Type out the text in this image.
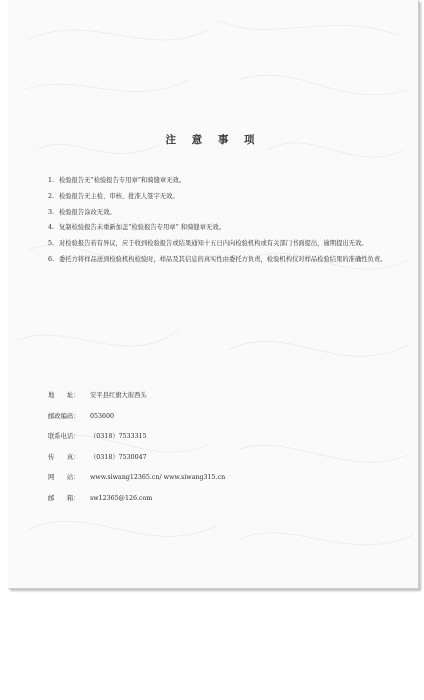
注 意 事 项
1. 检验报告无“检验报告专用章”和骑缝章无效。
2. 检验报告无主检、审核、批准人签字无效。
3. 检验报告涂改无效。
4. 复制检验报告未重新加盖“检验报告专用章” 和骑缝章无效。
5. 对检验报告若有异议，应于收到检验报告或结果通知十五日内向检验机构或有关部门书面提出，逾期提出无效。
6. 委托方将样品送到检验机构检验时，样品及其信息的真实性由委托方负责，检验机构仅对样品检验结果的准确性负责。
地　　址：	安平县红旗大街西头
邮政编码：	053600
联系电话：	（0318）7533315
传　　真：	（0318）7530047
网　　站：	www.siwang12365.cn/ www.siwang315.cn
邮　　箱：	sw12365@126.com
